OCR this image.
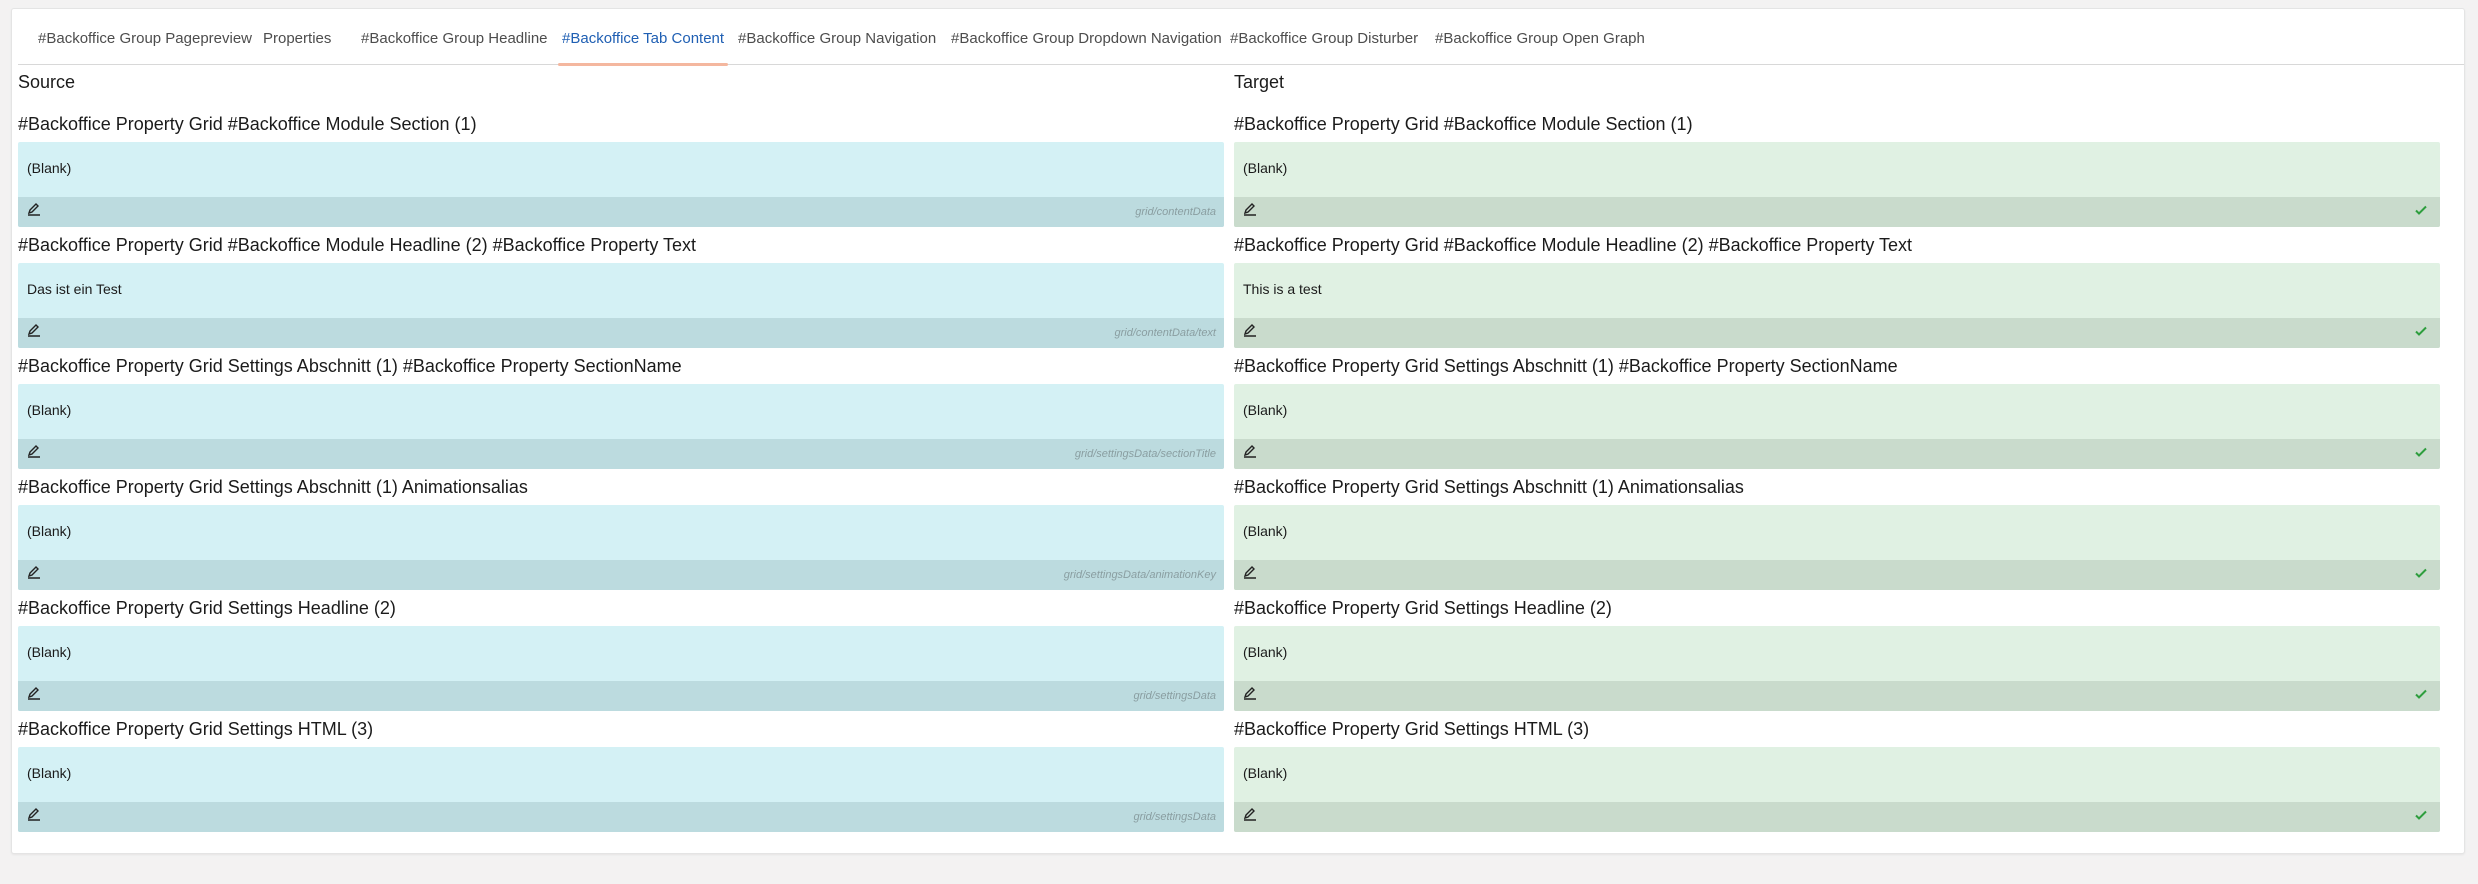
#Backoffice Group Pagepreview Properties #Backoffice Group Headline #Backoffice Tab Content #Backoffice Group Navigation #Backoffice Group Dropdown Navigation #Backoffice Group Disturber #Backoffice Group Open Graph
Source
#Backoffice Property Grid #Backoffice Module Section (1)
(Blank)
grid/contentData
#Backoffice Property Grid #Backoffice Module Headline (2) #Backoffice Property Text
Das ist ein Test
grid/contentData/text
#Backoffice Property Grid Settings Abschnitt (1) #Backoffice Property SectionName
(Blank)
grid/settingsData/sectionTitle
#Backoffice Property Grid Settings Abschnitt (1) Animationsalias
(Blank)
grid/settingsData/animationKey
#Backoffice Property Grid Settings Headline (2)
(Blank)
grid/settingsData
#Backoffice Property Grid Settings HTML (3)
(Blank)
grid/settingsData
Target
#Backoffice Property Grid #Backoffice Module Section (1)
(Blank)
#Backoffice Property Grid #Backoffice Module Headline (2) #Backoffice Property Text
This is a test
#Backoffice Property Grid Settings Abschnitt (1) #Backoffice Property SectionName
(Blank)
#Backoffice Property Grid Settings Abschnitt (1) Animationsalias
(Blank)
#Backoffice Property Grid Settings Headline (2)
(Blank)
#Backoffice Property Grid Settings HTML (3)
(Blank)
